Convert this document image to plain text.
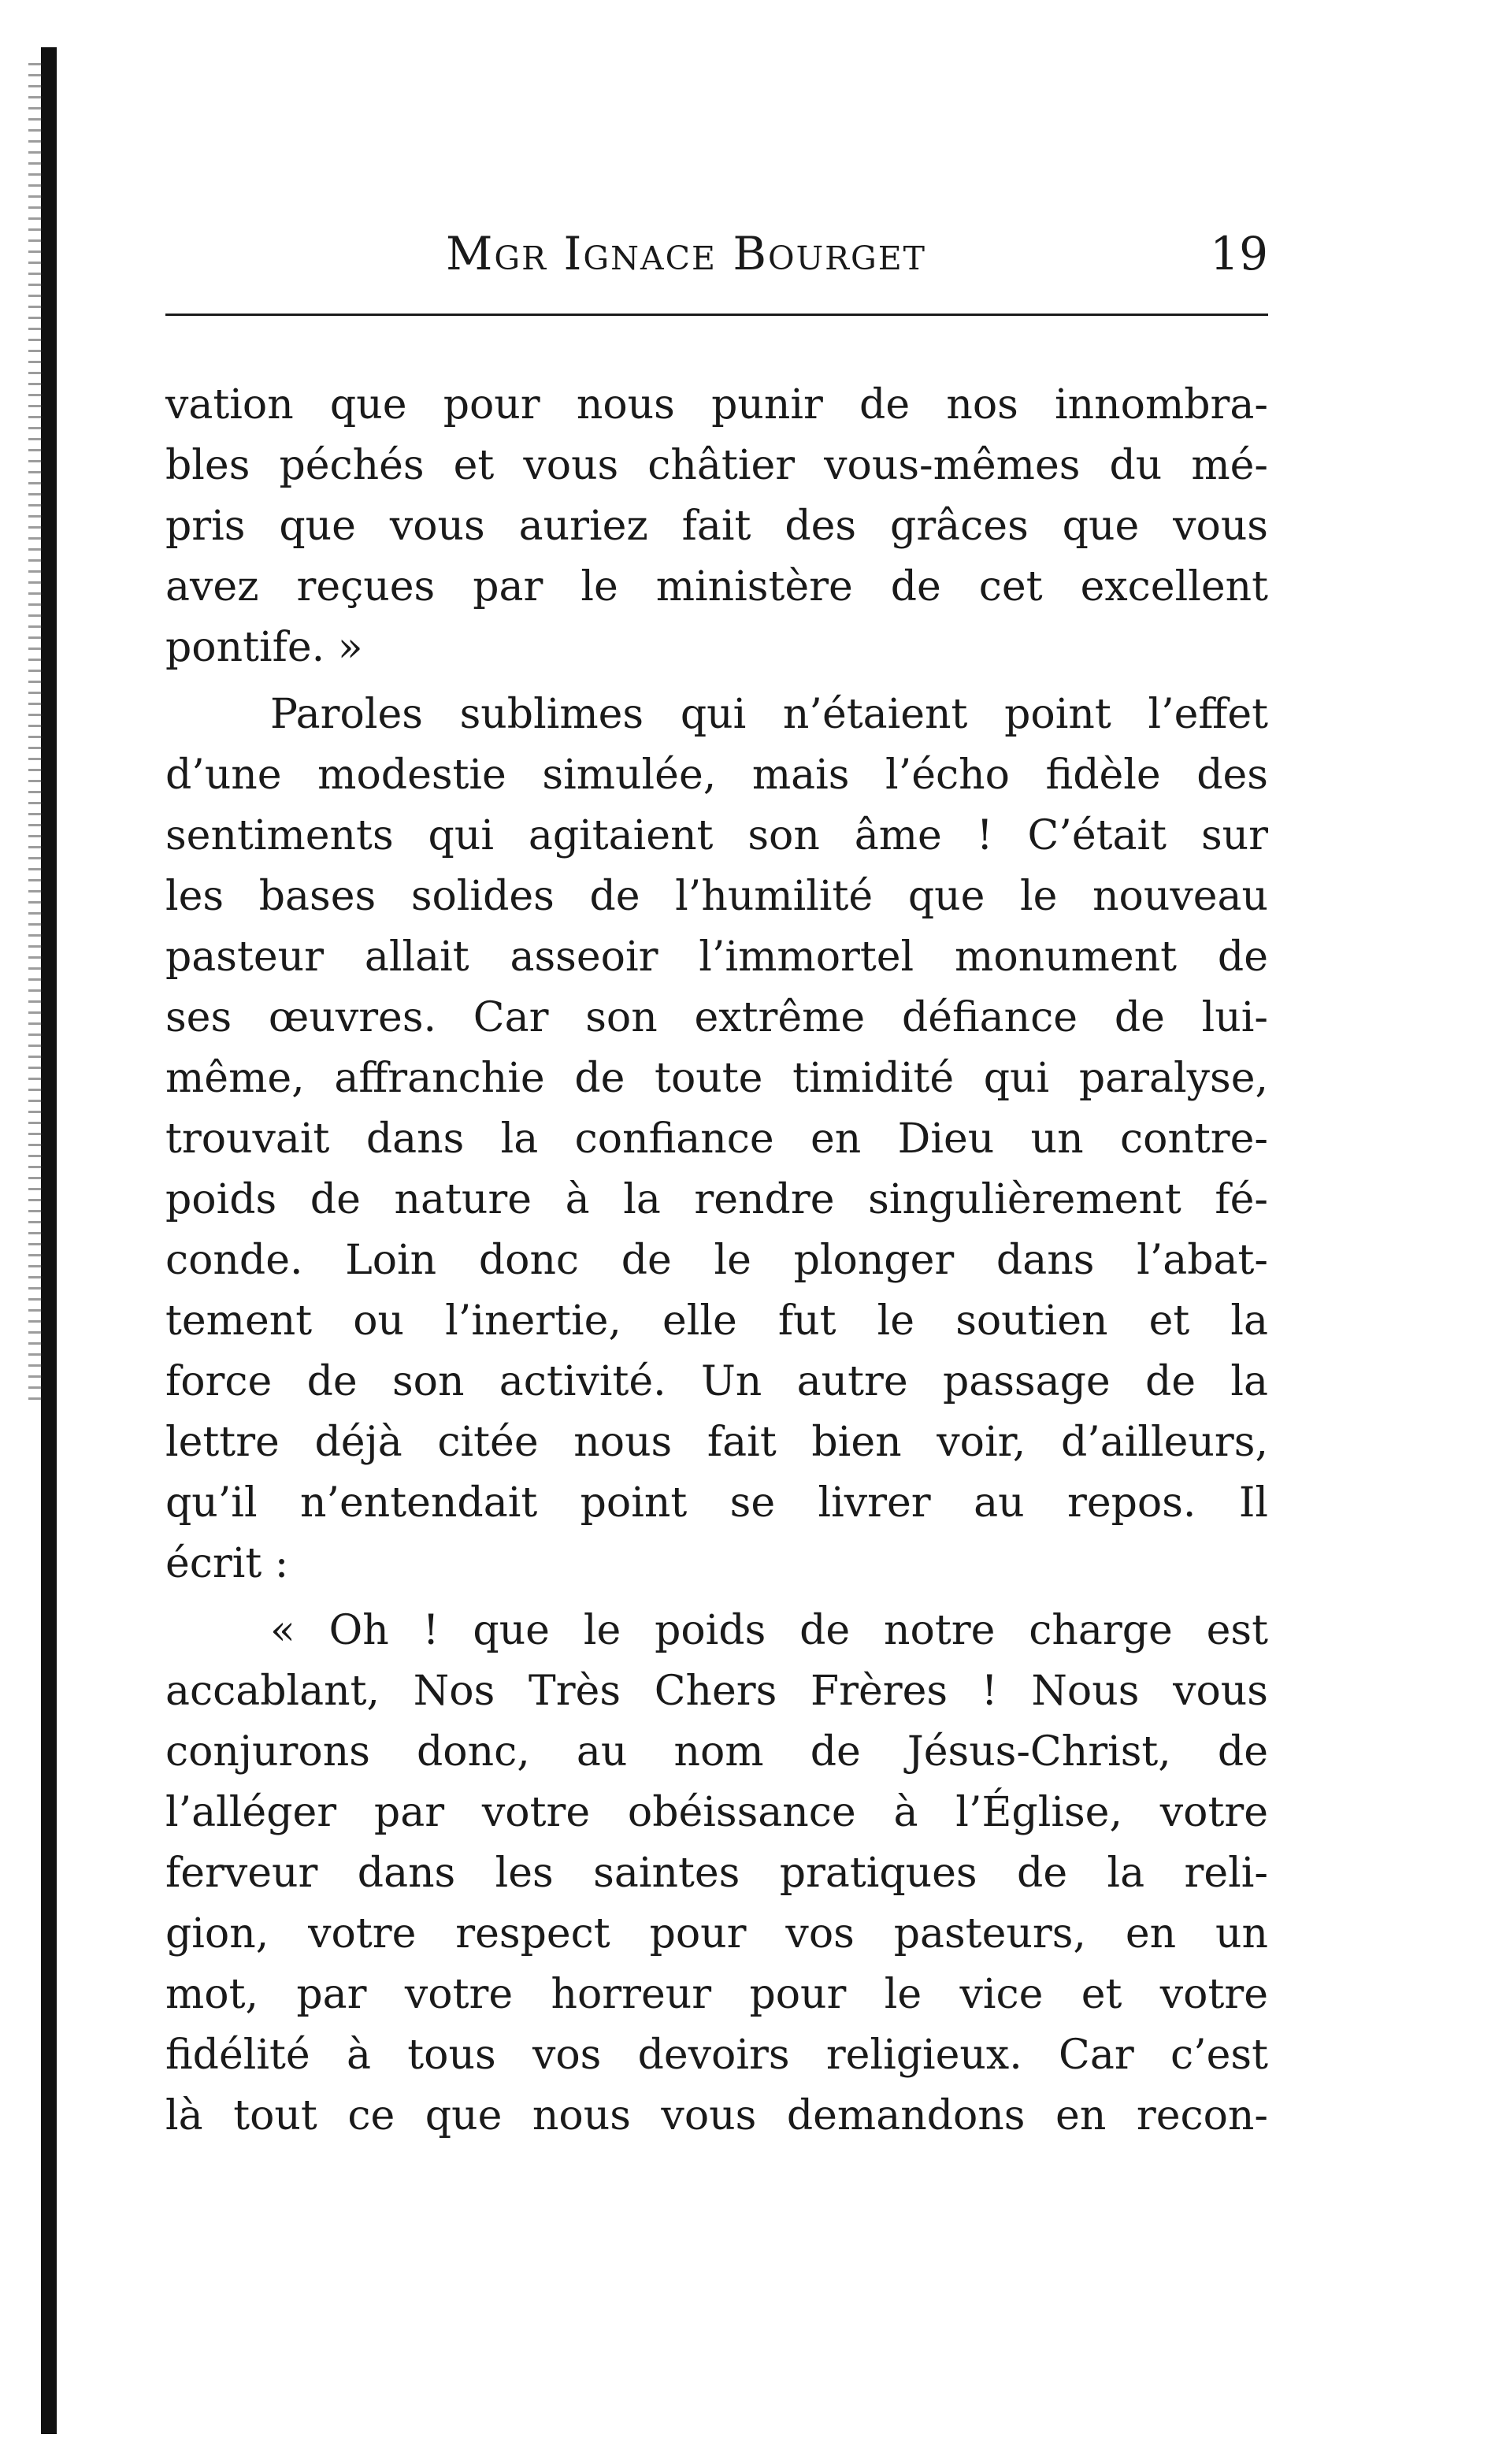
Mgr Ignace Bourget	19
vation que pour nous punir de nos innombra-
bles péchés et vous châtier vous-mêmes du mé-
pris que vous auriez fait des grâces que vous
avez reçues par le ministère de cet excellent
pontife. »
Paroles sublimes qui n’étaient point l’effet
d’une modestie simulée, mais l’écho fidèle des
sentiments qui agitaient son âme ! C’était sur
les bases solides de l’humilité que le nouveau
pasteur allait asseoir l’immortel monument de
ses œuvres. Car son extrême défiance de lui-
même, affranchie de toute timidité qui paralyse,
trouvait dans la confiance en Dieu un contre-
poids de nature à la rendre singulièrement fé-
conde. Loin donc de le plonger dans l’abat-
tement ou l’inertie, elle fut le soutien et la
force de son activité. Un autre passage de la
lettre déjà citée nous fait bien voir, d’ailleurs,
qu’il n’entendait point se livrer au repos. Il
écrit :
« Oh ! que le poids de notre charge est
accablant, Nos Très Chers Frères ! Nous vous
conjurons donc, au nom de Jésus-Christ, de
l’alléger par votre obéissance à l’Église, votre
ferveur dans les saintes pratiques de la reli-
gion, votre respect pour vos pasteurs, en un
mot, par votre horreur pour le vice et votre
fidélité à tous vos devoirs religieux. Car c’est
là tout ce que nous vous demandons en recon-
